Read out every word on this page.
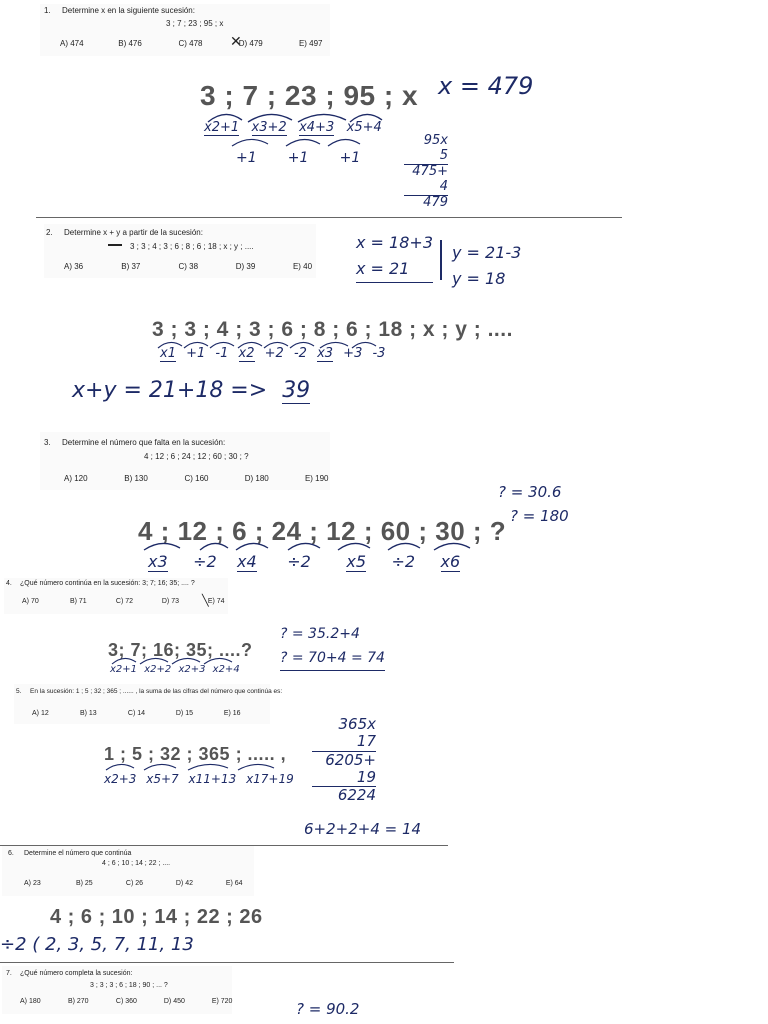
1. Determine x en la siguiente sucesión:
3 ; 7 ; 23 ; 95 ; x
A) 474	B) 476	C) 478	D) 479	E) 497
✕
3 ; 7 ; 23 ; 95 ; x x = 479
x2+1 x3+2 x4+3 x5+4
+1 +1 +1
95x
5
475+
4
479
2. Determine x + y a partir de la sucesión:
3 ; 3 ; 4 ; 3 ; 6 ; 8 ; 6 ; 18 ; x ; y ; ....
A) 36	B) 37	C) 38	D) 39	E) 40
x = 18+3
x = 21
y = 21-3
y = 18
3 ; 3 ; 4 ; 3 ; 6 ; 8 ; 6 ; 18 ; x ; y ; ....
x1 +1 -1 x2 +2 -2 x3 +3 -3
x+y = 21+18 => 39
3. Determine el número que falta en la sucesión:
4 ; 12 ; 6 ; 24 ; 12 ; 60 ; 30 ; ?
A) 120	B) 130	C) 160	D) 180	E) 190
? = 30.6
? = 180
4 ; 12 ; 6 ; 24 ; 12 ; 60 ; 30 ; ?
x3 ÷2 x4 ÷2 x5 ÷2 x6
4. ¿Qué número continúa en la sucesión: 3; 7; 16; 35; .... ?
A) 70	B) 71	C) 72	D) 73	E) 74
╲
? = 35.2+4
? = 70+4 = 74
3; 7; 16; 35; ....?
x2+1 x2+2 x2+3 x2+4
5. En la sucesión: 1 ; 5 ; 32 ; 365 ; ...... , la suma de las cifras del número que continúa es:
A) 12	B) 13	C) 14	D) 15	E) 16
1 ; 5 ; 32 ; 365 ; ..... ,
x2+3 x5+7 x11+13 x17+19
365x
17
6205+
19
6224
6+2+2+4 = 14
6. Determine el número que continúa
4 ; 6 ; 10 ; 14 ; 22 ; ....
A) 23	B) 25	C) 26	D) 42	E) 64
4 ; 6 ; 10 ; 14 ; 22 ; 26
÷2 ( 2, 3, 5, 7, 11, 13
7. ¿Qué número completa la sucesión:
3 ; 3 ; 3 ; 6 ; 18 ; 90 ; ... ?
A) 180	B) 270	C) 360	D) 450	E) 720	? = 90.2
